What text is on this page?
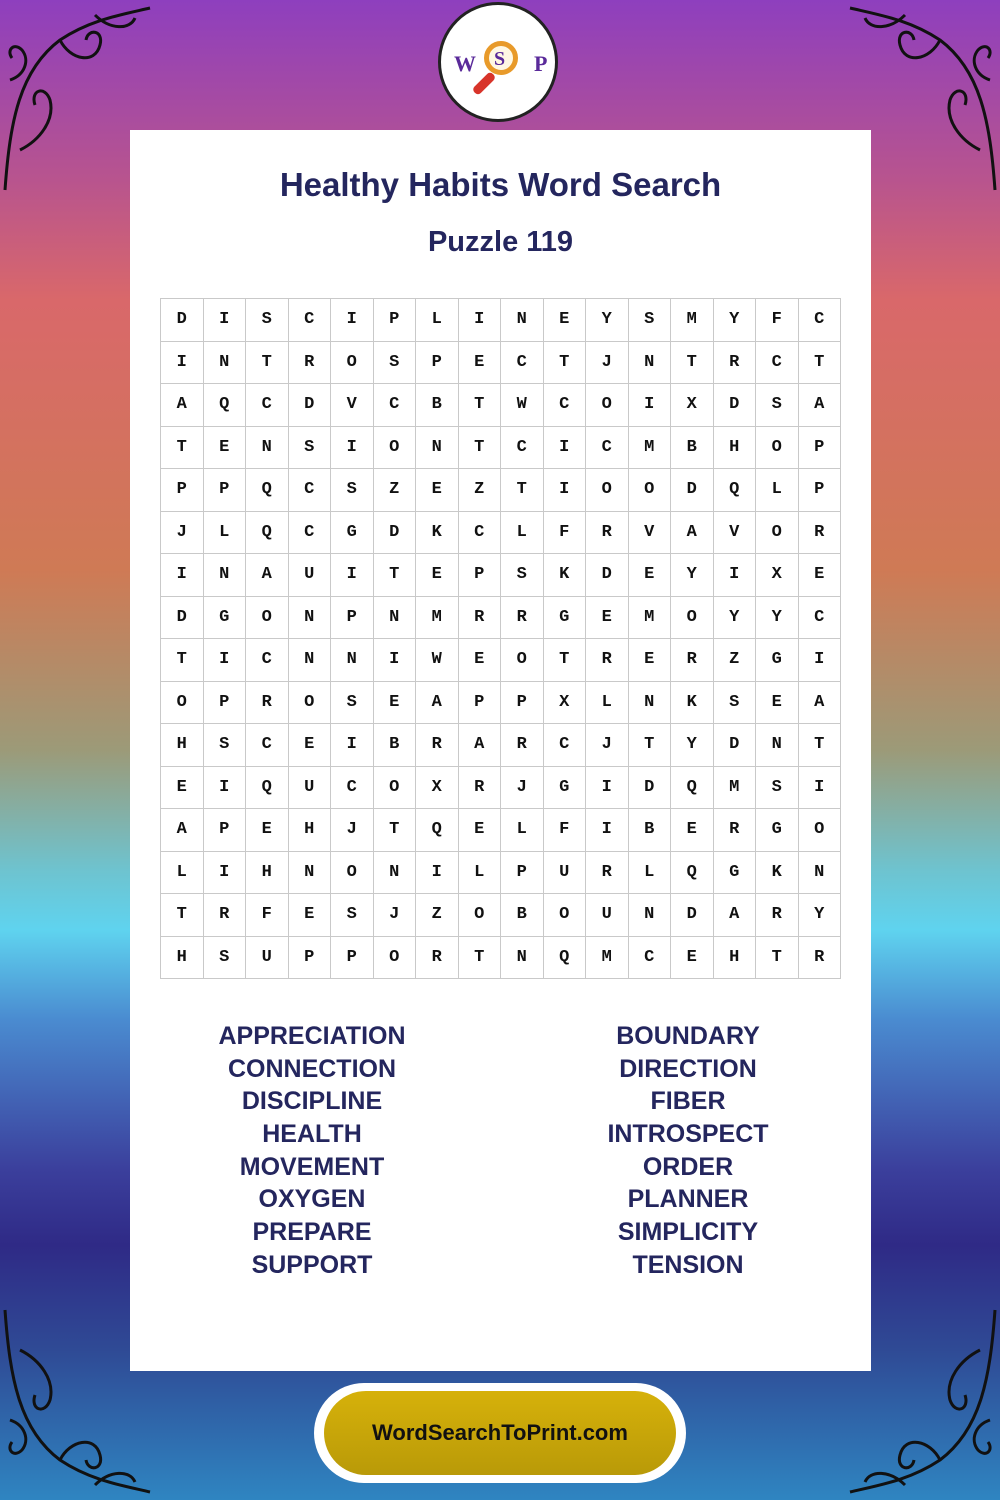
W S P
Healthy Habits Word Search
Puzzle 119
D	I	S	C	I	P	L	I	N	E	Y	S	M	Y	F	C
I	N	T	R	O	S	P	E	C	T	J	N	T	R	C	T
A	Q	C	D	V	C	B	T	W	C	O	I	X	D	S	A
T	E	N	S	I	O	N	T	C	I	C	M	B	H	O	P
P	P	Q	C	S	Z	E	Z	T	I	O	O	D	Q	L	P
J	L	Q	C	G	D	K	C	L	F	R	V	A	V	O	R
I	N	A	U	I	T	E	P	S	K	D	E	Y	I	X	E
D	G	O	N	P	N	M	R	R	G	E	M	O	Y	Y	C
T	I	C	N	N	I	W	E	O	T	R	E	R	Z	G	I
O	P	R	O	S	E	A	P	P	X	L	N	K	S	E	A
H	S	C	E	I	B	R	A	R	C	J	T	Y	D	N	T
E	I	Q	U	C	O	X	R	J	G	I	D	Q	M	S	I
A	P	E	H	J	T	Q	E	L	F	I	B	E	R	G	O
L	I	H	N	O	N	I	L	P	U	R	L	Q	G	K	N
T	R	F	E	S	J	Z	O	B	O	U	N	D	A	R	Y
H	S	U	P	P	O	R	T	N	Q	M	C	E	H	T	R
APPRECIATION
CONNECTION
DISCIPLINE
HEALTH
MOVEMENT
OXYGEN
PREPARE
SUPPORT
BOUNDARY
DIRECTION
FIBER
INTROSPECT
ORDER
PLANNER
SIMPLICITY
TENSION
WordSearchToPrint.com
